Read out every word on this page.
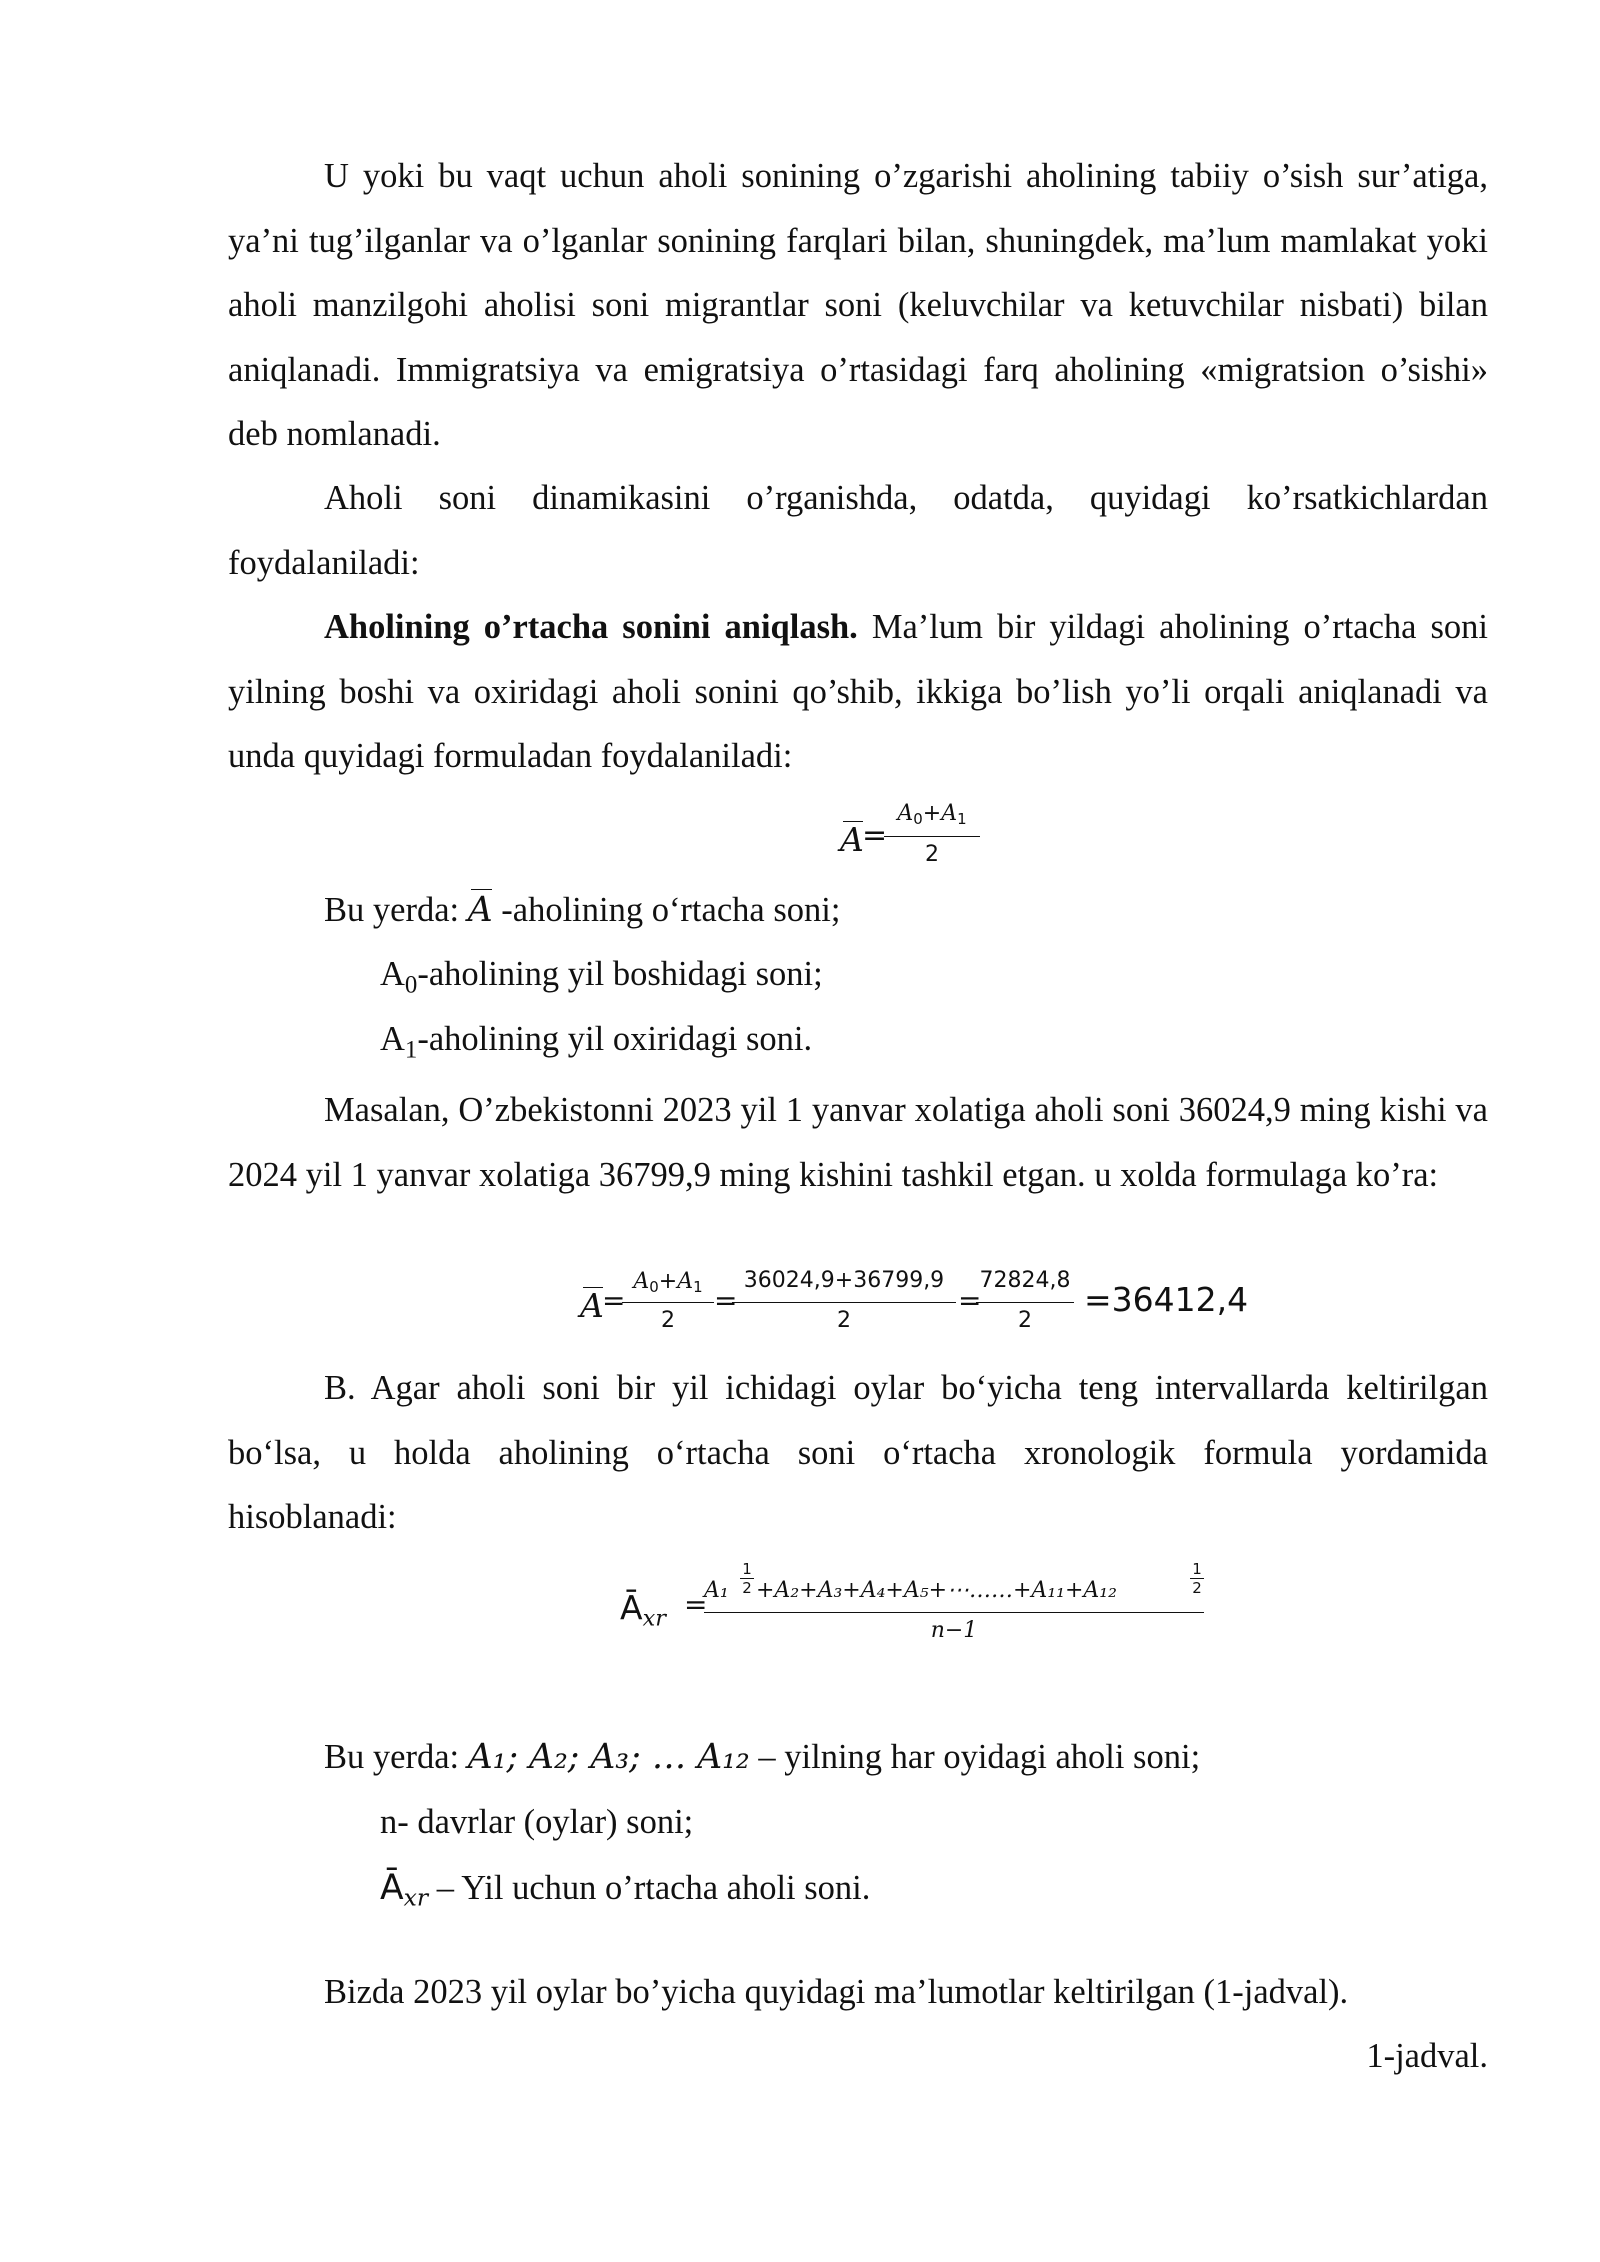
U yoki bu vaqt uchun aholi sonining o’zgarishi aholining tabiiy o’sish sur’atiga, ya’ni tug’ilganlar va o’lganlar sonining farqlari bilan, shuningdek, ma’lum mamlakat yoki aholi manzilgohi aholisi soni migrantlar soni (keluvchilar va ketuvchilar nisbati) bilan aniqlanadi. Immigratsiya va emigratsiya o’rtasidagi farq aholining «migratsion o’sishi» deb nomlanadi.

Aholi soni dinamikasini o’rganishda, odatda, quyidagi ko’rsatkichlardan foydalaniladi:

Aholining o’rtacha sonini aniqlash. Ma’lum bir yildagi aholining o’rtacha soni yilning boshi va oxiridagi aholi sonini qo’shib, ikkiga bo’lish yo’li orqali aniqlanadi va unda quyidagi formuladan foydalaniladi:

A
=
$A_0+A_1$
2
Bu yerda: A -aholining o‘rtacha soni;
$A_0$-aholining yil boshidagi soni;
$A_1$-aholining yil oxiridagi soni.

Masalan, O’zbekistonni 2023 yil 1 yanvar xolatiga aholi soni 36024,9 ming kishi va 2024 yil 1 yanvar xolatiga 36799,9 ming kishini tashkil etgan. u xolda formulaga ko’ra:

A
=
$A_0+A_1$
2
=
36024,9+36799,9
2
=
72824,8
2
=36412,4

B. Agar aholi soni bir yil ichidagi oylar bo‘yicha teng intervallarda keltirilgan bo‘lsa, u holda aholining o‘rtacha soni o‘rtacha xronologik formula yordamida hisoblanadi:

$Ā_{xr}$ =
A₁
1
2 +A₂+A₃+A₄+A₅+⋯……+A₁₁+A₁₂
1
2
n−1
Bu yerda: A₁; A₂; A₃; … A₁₂ – yilning har oyidagi aholi soni;
n- davrlar (oylar) soni;
$Ā_{xr}$ – Yil uchun o’rtacha aholi soni.
Bizda 2023 yil oylar bo’yicha quyidagi ma’lumotlar keltirilgan (1-jadval).
1-jadval.
